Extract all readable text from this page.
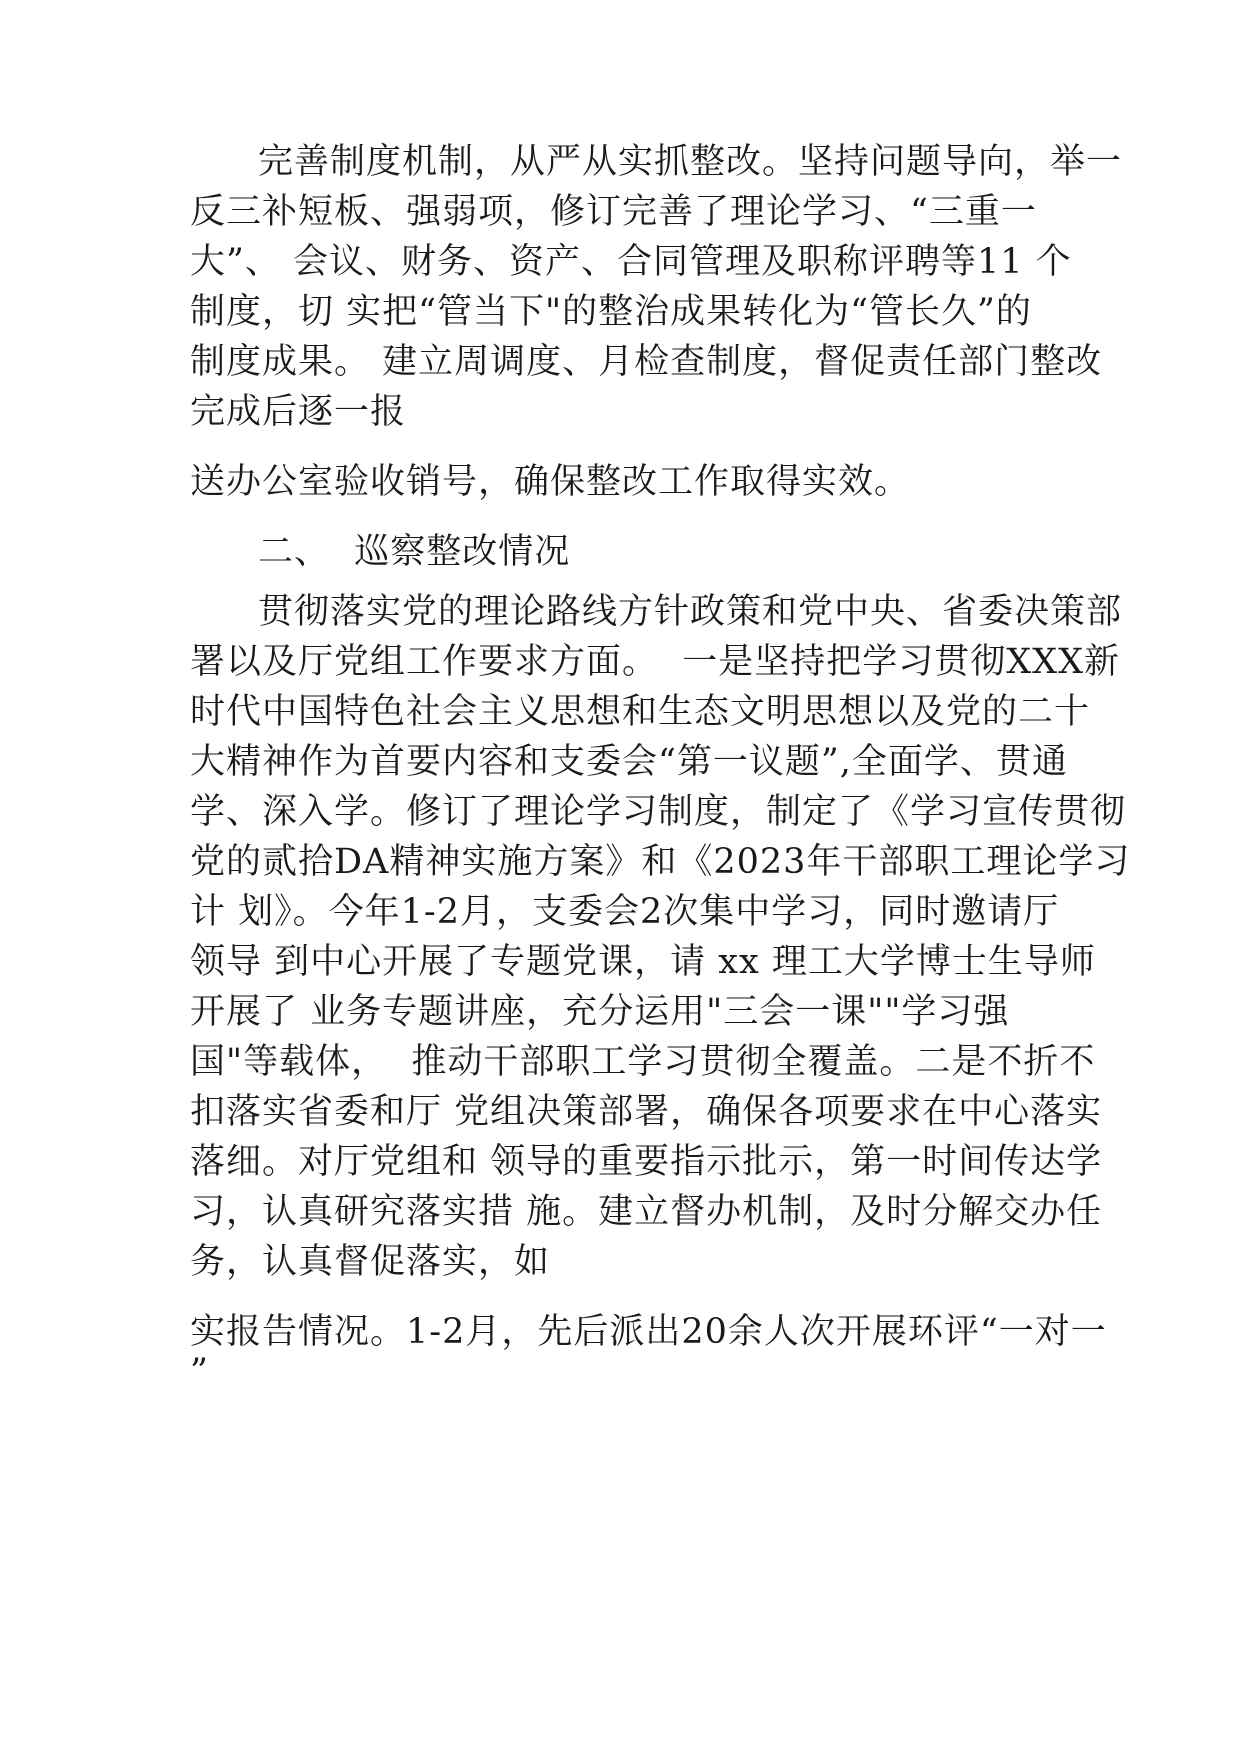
完善制度机制，从严从实抓整改。坚持问题导向，举一

反三补短板、强弱项，修订完善了理论学习、“三重一

大”、 会议、财务、资产、合同管理及职称评聘等11 个

制度，切 实把“管当下"的整治成果转化为“管长久”的

制度成果。 建立周调度、月检查制度，督促责任部门整改

完成后逐一报

送办公室验收销号，确保整改工作取得实效。

二、  巡察整改情况

贯彻落实党的理论路线方针政策和党中央、省委决策部

署以及厅党组工作要求方面。  一是坚持把学习贯彻XXX新

时代中国特色社会主义思想和生态文明思想以及党的二十

大精神作为首要内容和支委会“第一议题”,全面学、贯通

学、深入学。修订了理论学习制度，制定了《学习宣传贯彻

党的贰拾DA精神实施方案》和《2023年干部职工理论学习

计 划》。今年1-2月，支委会2次集中学习，同时邀请厅

领导 到中心开展了专题党课，请 xx 理工大学博士生导师

开展了 业务专题讲座，充分运用"三会一课""学习强

国"等载体，  推动干部职工学习贯彻全覆盖。二是不折不

扣落实省委和厅 党组决策部署，确保各项要求在中心落实

落细。对厅党组和 领导的重要指示批示，第一时间传达学

习，认真研究落实措 施。建立督办机制，及时分解交办任

务，认真督促落实，如

实报告情况。1-2月，先后派出20余人次开展环评“一对一

”
